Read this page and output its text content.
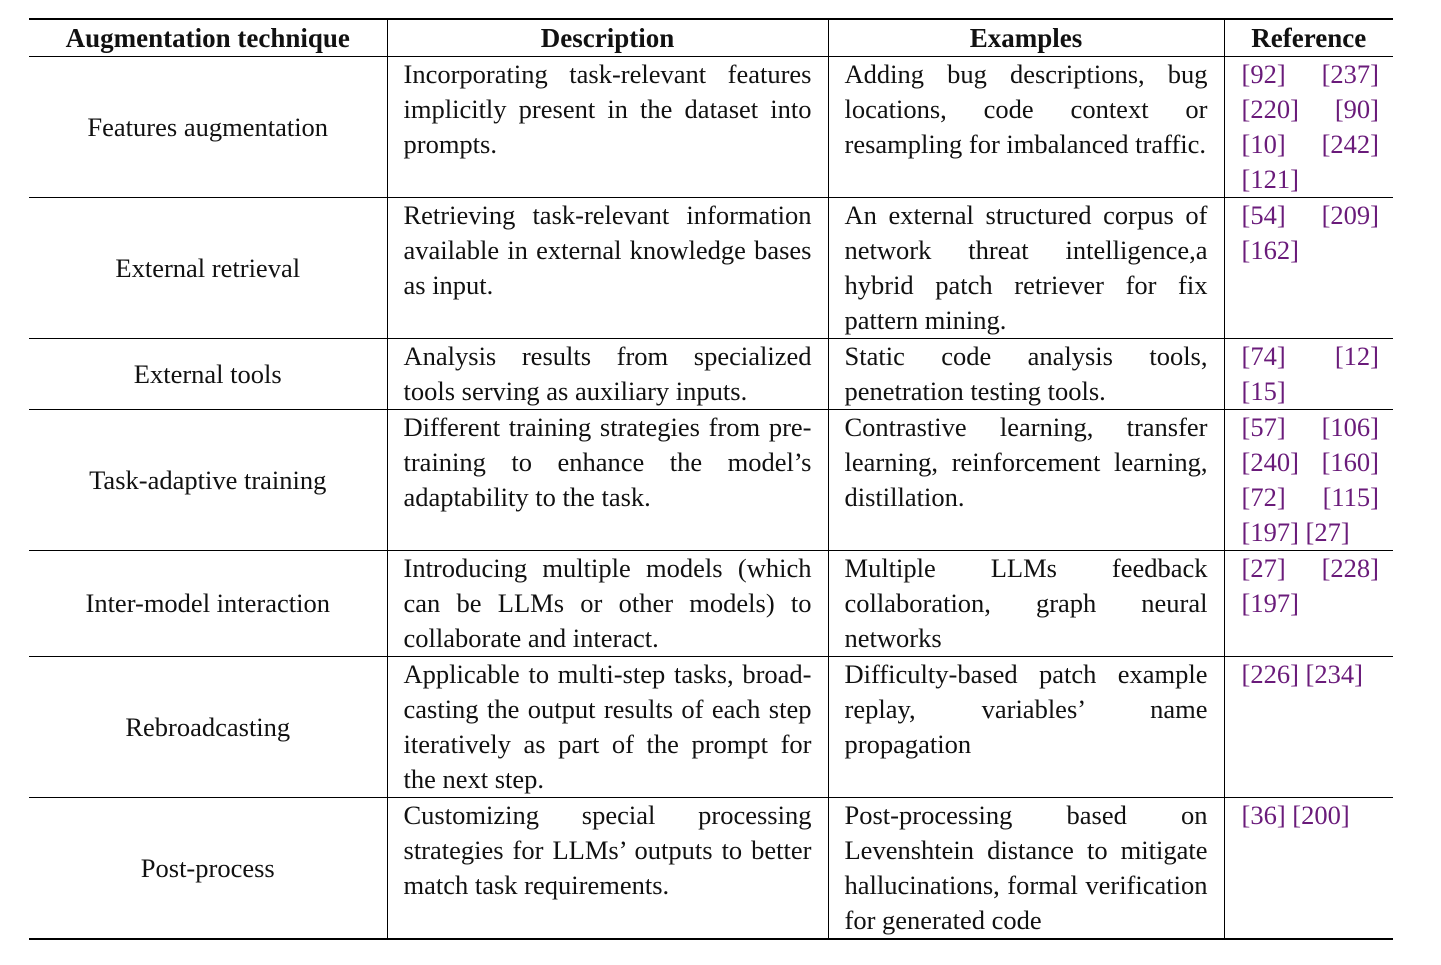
Augmentation technique	Description	Examples	Reference
Features augmentation	Incorporating task-relevant features implicitly present in the dataset into prompts.	Adding bug descriptions, bug locations, code context or resampling for imbalanced traffic.	[92] [237] [220] [90] [10] [242] [121]
External retrieval	Retrieving task-relevant information available in external knowledge bases as input.	An external structured corpus of network threat intelligence,a hybrid patch retriever for fix pattern mining.	[54] [209] [162]
External tools	Analysis results from specialized tools serving as auxiliary inputs.	Static code analysis tools, penetration testing tools.	[74] [12] [15]
Task-adaptive training	Different training strategies from pre-training to enhance the model’s adaptability to the task.	Contrastive learning, transfer learning, reinforcement learning, distillation.	[57] [106] [240] [160] [72] [115] [197] [27]
Inter-model interaction	Introducing multiple models (which can be LLMs or other models) to collaborate and interact.	Multiple LLMs feedback collaboration, graph neural networks	[27] [228] [197]
Rebroadcasting	Applicable to multi-step tasks, broad-casting the output results of each step iteratively as part of the prompt for the next step.	Difficulty-based patch example replay, variables’ name propagation	[226] [234]
Post-process	Customizing special processing strategies for LLMs’ outputs to better match task requirements.	Post-processing based on Levenshtein distance to mitigate hallucinations, formal verification for generated code	[36] [200]
